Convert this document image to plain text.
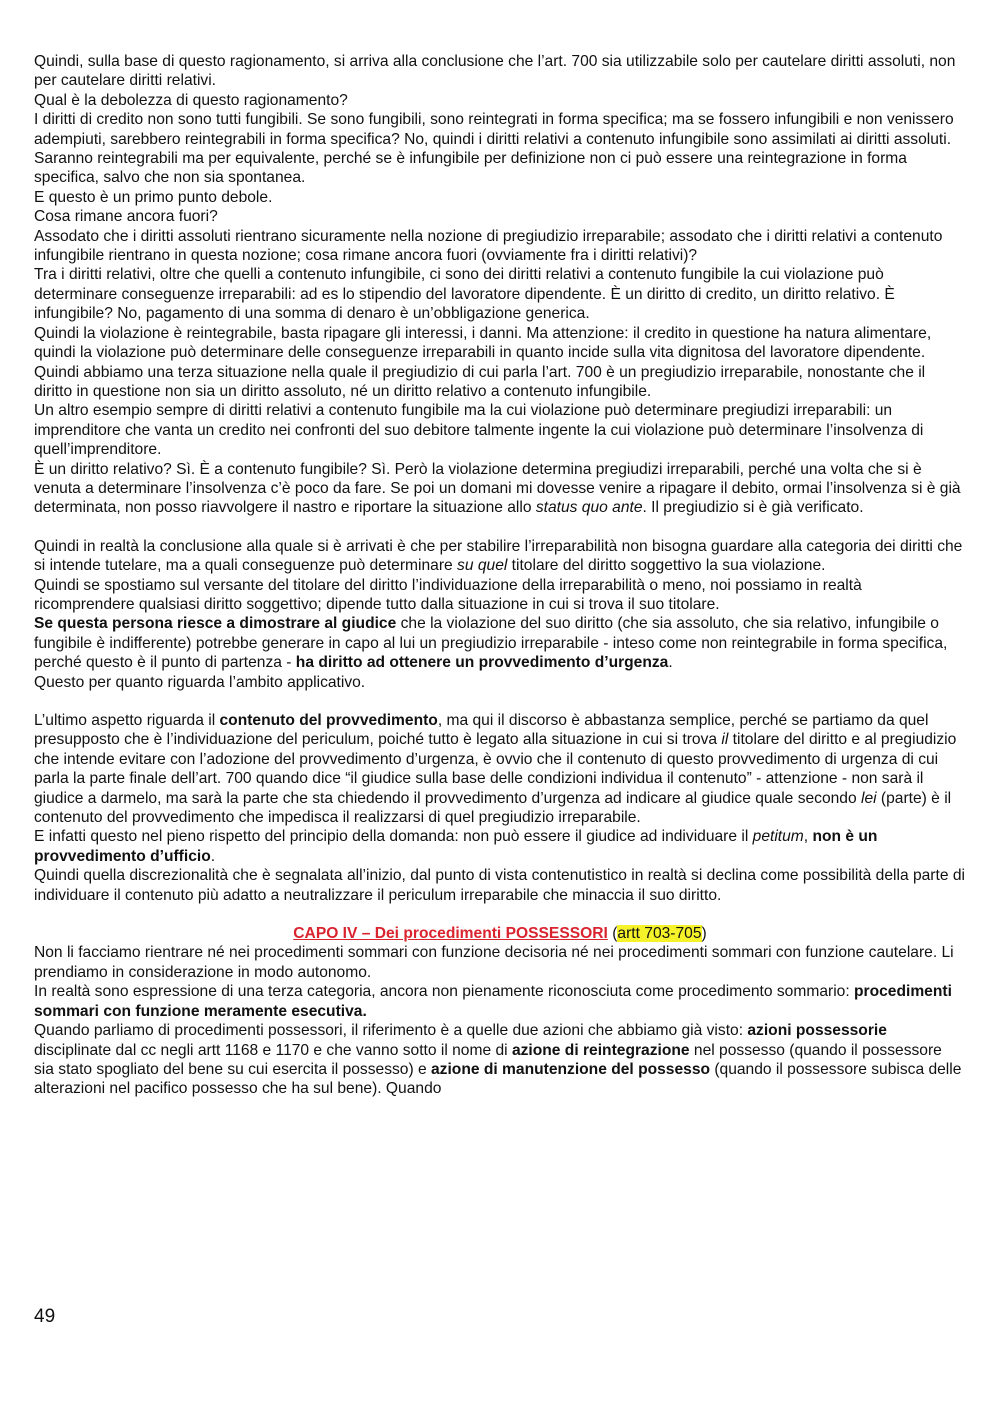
Quindi, sulla base di questo ragionamento, si arriva alla conclusione che l’art. 700 sia utilizzabile solo per cautelare diritti assoluti, non per cautelare diritti relativi.

Qual è la debolezza di questo ragionamento?

I diritti di credito non sono tutti fungibili. Se sono fungibili, sono reintegrati in forma specifica; ma se fossero infungibili e non venissero adempiuti, sarebbero reintegrabili in forma specifica? No, quindi i diritti relativi a contenuto infungibile sono assimilati ai diritti assoluti.

Saranno reintegrabili ma per equivalente, perché se è infungibile per definizione non ci può essere una reintegrazione in forma specifica, salvo che non sia spontanea.

E questo è un primo punto debole.

Cosa rimane ancora fuori?

Assodato che i diritti assoluti rientrano sicuramente nella nozione di pregiudizio irreparabile; assodato che i diritti relativi a contenuto infungibile rientrano in questa nozione; cosa rimane ancora fuori (ovviamente fra i diritti relativi)?

Tra i diritti relativi, oltre che quelli a contenuto infungibile, ci sono dei diritti relativi a contenuto fungibile la cui violazione può determinare conseguenze irreparabili: ad es lo stipendio del lavoratore dipendente. È un diritto di credito, un diritto relativo. È infungibile? No, pagamento di una somma di denaro è un’obbligazione generica.

Quindi la violazione è reintegrabile, basta ripagare gli interessi, i danni. Ma attenzione: il credito in questione ha natura alimentare, quindi la violazione può determinare delle conseguenze irreparabili in quanto incide sulla vita dignitosa del lavoratore dipendente.

Quindi abbiamo una terza situazione nella quale il pregiudizio di cui parla l’art. 700 è un pregiudizio irreparabile, nonostante che il diritto in questione non sia un diritto assoluto, né un diritto relativo a contenuto infungibile.

Un altro esempio sempre di diritti relativi a contenuto fungibile ma la cui violazione può determinare pregiudizi irreparabili: un imprenditore che vanta un credito nei confronti del suo debitore talmente ingente la cui violazione può determinare l’insolvenza di quell’imprenditore.

È un diritto relativo? Sì. È a contenuto fungibile? Sì. Però la violazione determina pregiudizi irreparabili, perché una volta che si è venuta a determinare l’insolvenza c’è poco da fare. Se poi un domani mi dovesse venire a ripagare il debito, ormai l’insolvenza si è già determinata, non posso riavvolgere il nastro e riportare la situazione allo status quo ante. Il pregiudizio si è già verificato.

Quindi in realtà la conclusione alla quale si è arrivati è che per stabilire l’irreparabilità non bisogna guardare alla categoria dei diritti che si intende tutelare, ma a quali conseguenze può determinare su quel titolare del diritto soggettivo la sua violazione.

Quindi se spostiamo sul versante del titolare del diritto l’individuazione della irreparabilità o meno, noi possiamo in realtà ricomprendere qualsiasi diritto soggettivo; dipende tutto dalla situazione in cui si trova il suo titolare.

Se questa persona riesce a dimostrare al giudice che la violazione del suo diritto (che sia assoluto, che sia relativo, infungibile o fungibile è indifferente) potrebbe generare in capo al lui un pregiudizio irreparabile - inteso come non reintegrabile in forma specifica, perché questo è il punto di partenza - ha diritto ad ottenere un provvedimento d’urgenza.

Questo per quanto riguarda l’ambito applicativo.

L’ultimo aspetto riguarda il contenuto del provvedimento, ma qui il discorso è abbastanza semplice, perché se partiamo da quel presupposto che è l’individuazione del periculum, poiché tutto è legato alla situazione in cui si trova il titolare del diritto e al pregiudizio che intende evitare con l’adozione del provvedimento d’urgenza, è ovvio che il contenuto di questo provvedimento di urgenza di cui parla la parte finale dell’art. 700 quando dice “il giudice sulla base delle condizioni individua il contenuto” - attenzione - non sarà il giudice a darmelo, ma sarà la parte che sta chiedendo il provvedimento d’urgenza ad indicare al giudice quale secondo lei (parte) è il contenuto del provvedimento che impedisca il realizzarsi di quel pregiudizio irreparabile.

E infatti questo nel pieno rispetto del principio della domanda: non può essere il giudice ad individuare il petitum, non è un provvedimento d’ufficio.

Quindi quella discrezionalità che è segnalata all’inizio, dal punto di vista contenutistico in realtà si declina come possibilità della parte di individuare il contenuto più adatto a neutralizzare il periculum irreparabile che minaccia il suo diritto.

CAPO IV – Dei procedimenti POSSESSORI (artt 703-705)

Non li facciamo rientrare né nei procedimenti sommari con funzione decisoria né nei procedimenti sommari con funzione cautelare. Li prendiamo in considerazione in modo autonomo.

In realtà sono espressione di una terza categoria, ancora non pienamente riconosciuta come procedimento sommario: procedimenti sommari con funzione meramente esecutiva.

Quando parliamo di procedimenti possessori, il riferimento è a quelle due azioni che abbiamo già visto: azioni possessorie disciplinate dal cc negli artt 1168 e 1170 e che vanno sotto il nome di azione di reintegrazione nel possesso (quando il possessore sia stato spogliato del bene su cui esercita il possesso) e azione di manutenzione del possesso (quando il possessore subisca delle alterazioni nel pacifico possesso che ha sul bene). Quando

49
